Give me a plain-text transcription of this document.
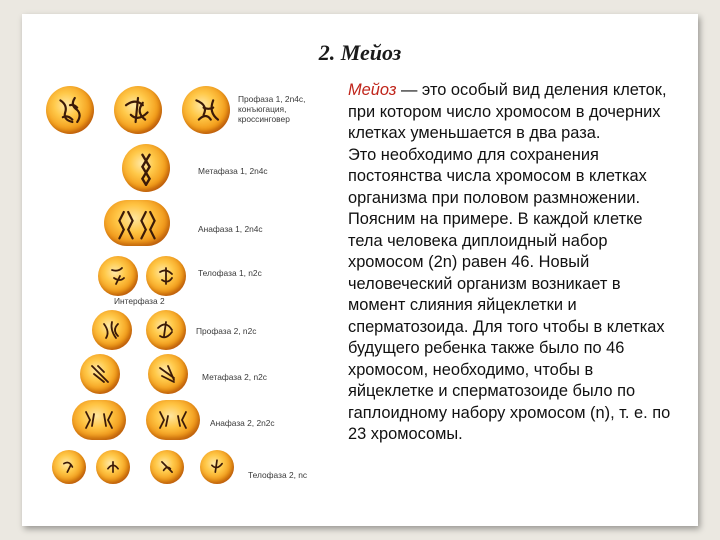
2. Мейоз

Мейоз — это особый вид деления клеток, при котором число хромосом в дочерних клетках уменьшается в два раза.

Это необходимо для сохранения постоянства числа хромосом в клетках организма при половом размножении. Поясним на примере. В каждой клетке тела человека диплоидный набор хромосом (2n) равен 46. Новый человеческий организм возникает в момент слияния яйцеклетки и сперматозоида. Для того чтобы в клетках будущего ребенка также было по 46 хромосом, необходимо, чтобы в яйцеклетке и сперматозоиде было по гаплоидному набору хромосом (n), т. е. по 23 хромосомы.

Профаза 1, 2n4c, конъюгация, кроссинговер
Метафаза 1, 2n4c
Анафаза 1, 2n4c
Телофаза 1, n2c
Интерфаза 2
Профаза 2, n2c
Метафаза 2, n2c
Анафаза 2, 2n2c
Телофаза 2, nc
